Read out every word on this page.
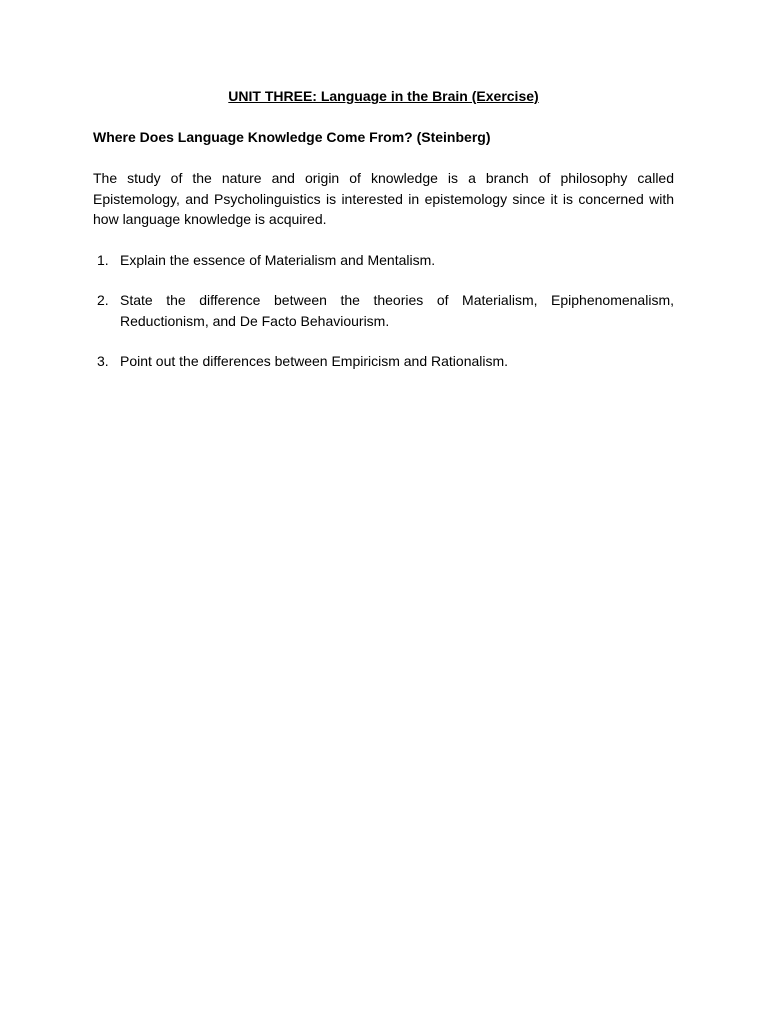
UNIT THREE: Language in the Brain (Exercise)

Where Does Language Knowledge Come From? (Steinberg)

The study of the nature and origin of knowledge is a branch of philosophy called Epistemology, and Psycholinguistics is interested in epistemology since it is concerned with how language knowledge is acquired.

1. Explain the essence of Materialism and Mentalism.
2. State the difference between the theories of Materialism, Epiphenomenalism, Reductionism, and De Facto Behaviourism.
3. Point out the differences between Empiricism and Rationalism.
